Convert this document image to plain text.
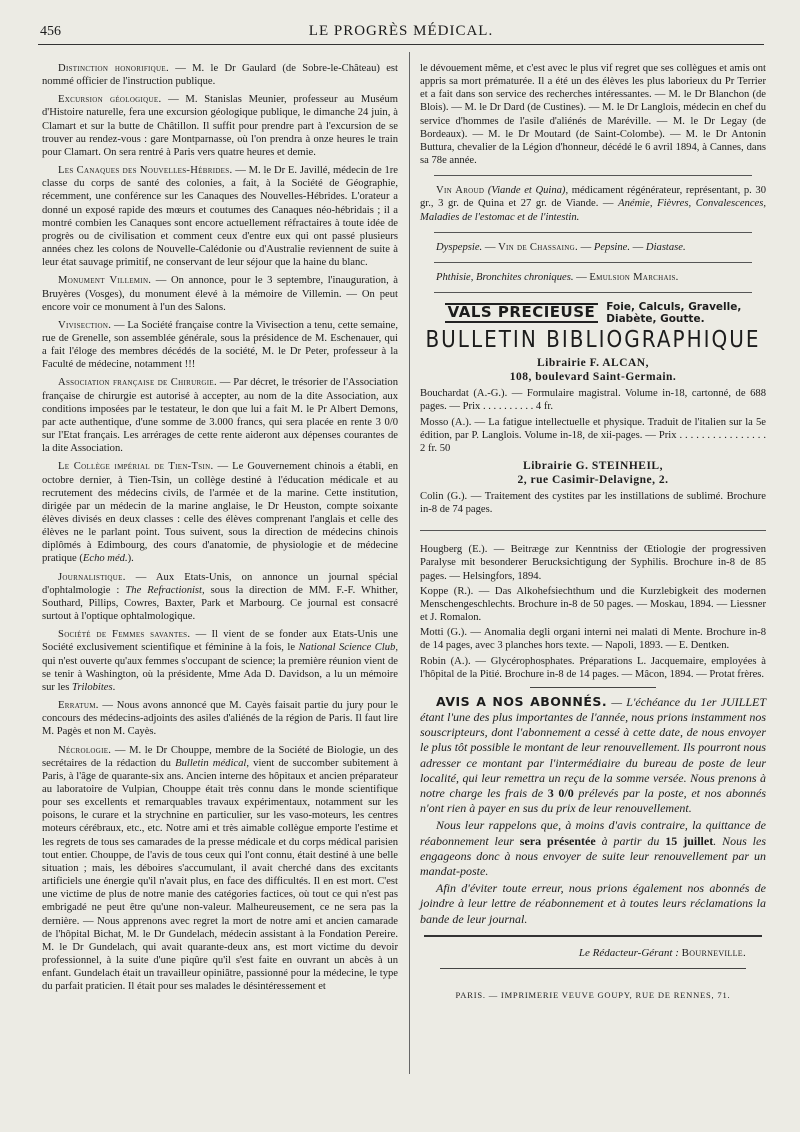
456	LE PROGRÈS MÉDICAL.

Distinction honorifique. — M. le Dr Gaulard (de Sobre-le-Château) est nommé officier de l'instruction publique.

Excursion géologique. — M. Stanislas Meunier, professeur au Muséum d'Histoire naturelle, fera une excursion géologique publique, le dimanche 24 juin, à Clamart et sur la butte de Châtillon. Il suffit pour prendre part à l'excursion de se trouver au rendez-vous : gare Montparnasse, où l'on prendra à onze heures le train pour Clamart. On sera rentré à Paris vers quatre heures et demie.

Les Canaques des Nouvelles-Hébrides. — M. le Dr E. Javillé, médecin de 1re classe du corps de santé des colonies, a fait, à la Société de Géographie, récemment, une conférence sur les Canaques des Nouvelles-Hébrides. L'orateur a donné un exposé rapide des mœurs et coutumes des Canaques néo-hébridais ; il a montré combien les Canaques sont encore actuellement réfractaires à toute idée de progrès ou de civilisation et comment ceux d'entre eux qui ont passé plusieurs années chez les colons de Nouvelle-Calédonie ou d'Australie reviennent de suite à leur état sauvage primitif, ne conservant de leur séjour que la haine du blanc.

Monument Villemin. — On annonce, pour le 3 septembre, l'inauguration, à Bruyères (Vosges), du monument élevé à la mémoire de Villemin. — On peut encore voir ce monument à l'un des Salons.

Vivisection. — La Société française contre la Vivisection a tenu, cette semaine, rue de Grenelle, son assemblée générale, sous la présidence de M. Eschenauer, qui a fait l'éloge des membres décédés de la société, M. le Dr Peter, professeur à la Faculté de médecine, notamment !!!

Association française de Chirurgie. — Par décret, le trésorier de l'Association française de chirurgie est autorisé à accepter, au nom de la dite Association, aux conditions imposées par le testateur, le don que lui a fait M. le Pr Albert Demons, par acte authentique, d'une somme de 3.000 francs, qui sera placée en rente 3 0/0 sur l'Etat français. Les arrérages de cette rente aideront aux dépenses courantes de la dite Association.

Le Collège impérial de Tien-Tsin. — Le Gouvernement chinois a établi, en octobre dernier, à Tien-Tsin, un collège destiné à l'éducation médicale et au recrutement des médecins civils, de l'armée et de la marine. Cette institution, dirigée par un médecin de la marine anglaise, le Dr Heuston, compte soixante élèves divisés en deux classes : celle des élèves comprenant l'anglais et celle des élèves ne le parlant point. Tous suivent, sous la direction de médecins chinois diplômés à Edimbourg, des cours d'anatomie, de physiologie et de médecine pratique (Echo méd.).

Journalistique. — Aux Etats-Unis, on annonce un journal spécial d'ophtalmologie : The Refractionist, sous la direction de MM. F.-F. Whither, Southard, Pillips, Cowres, Baxter, Park et Marbourg. Ce journal est consacré surtout à l'optique ophtalmologique.

Société de Femmes savantes. — Il vient de se fonder aux Etats-Unis une Société exclusivement scientifique et féminine à la fois, le National Science Club, qui n'est ouverte qu'aux femmes s'occupant de science; la première réunion vient de se tenir à Washington, où la présidente, Mme Ada D. Davidson, a lu un mémoire sur les Trilobites.

Erratum. — Nous avons annoncé que M. Cayès faisait partie du jury pour le concours des médecins-adjoints des asiles d'aliénés de la région de Paris. Il faut lire M. Pagès et non M. Cayès.

Nécrologie. — M. le Dr Chouppe, membre de la Société de Biologie, un des secrétaires de la rédaction du Bulletin médical, vient de succomber subitement à Paris, à l'âge de quarante-six ans. Ancien interne des hôpitaux et ancien préparateur au laboratoire de Vulpian, Chouppe était très connu dans le monde scientifique pour ses excellents et remarquables travaux expérimentaux, notamment sur les poisons, le curare et la strychnine en particulier, sur les vaso-moteurs, les centres moteurs cérébraux, etc., etc. Notre ami et très aimable collègue emporte l'estime et les regrets de tous ses camarades de la presse médicale et du corps médical parisien tout entier. Chouppe, de l'avis de tous ceux qui l'ont connu, était destiné à une belle situation ; mais, les déboires s'accumulant, il avait cherché dans des excitants artificiels une énergie qu'il n'avait plus, en face des difficultés. Il en est mort. C'est une victime de plus de notre manie des catégories factices, où tout ce qui n'est pas embrigadé ne peut être qu'une non-valeur. Malheureusement, ce ne sera pas la dernière. — Nous apprenons avec regret la mort de notre ami et ancien camarade de l'hôpital Bichat, M. le Dr Gundelach, médecin assistant à la Fondation Pereire. M. le Dr Gundelach, qui avait quarante-deux ans, est mort victime du devoir professionnel, à la suite d'une piqûre qu'il s'est faite en ouvrant un abcès à un enfant. Gundelach était un travailleur opiniâtre, passionné pour la médecine, le type du parfait praticien. Il était pour ses malades le désintéressement et

le dévouement même, et c'est avec le plus vif regret que ses collègues et amis ont appris sa mort prématurée. Il a été un des élèves les plus laborieux du Pr Terrier et a fait dans son service des recherches intéressantes. — M. le Dr Blanchon (de Blois). — M. le Dr Dard (de Custines). — M. le Dr Langlois, médecin en chef du service d'hommes de l'asile d'aliénés de Maréville. — M. le Dr Legay (de Bordeaux). — M. le Dr Moutard (de Saint-Colombe). — M. le Dr Antonin Buttura, chevalier de la Légion d'honneur, décédé le 6 avril 1894, à Cannes, dans sa 78e année.

Vin Aroud (Viande et Quina), médicament régénérateur, représentant, p. 30 gr., 3 gr. de Quina et 27 gr. de Viande. — Anémie, Fièvres, Convalescences, Maladies de l'estomac et de l'intestin.

Dyspepsie. — Vin de Chassaing. — Pepsine. — Diastase.

Phthisie, Bronchites chroniques. — Emulsion Marchais.

VALS PRÉCIEUSE Foie, Calculs, Gravelle,
Diabète, Goutte.
BULLETIN BIBLIOGRAPHIQUE
Librairie F. ALCAN,
108, boulevard Saint-Germain.

Bouchardat (A.-G.). — Formulaire magistral. Volume in-18, cartonné, de 688 pages. — Prix . . . . . . . . . . 4 fr.

Mosso (A.). — La fatigue intellectuelle et physique. Traduit de l'italien sur la 5e édition, par P. Langlois. Volume in-18, de xii-pages. — Prix . . . . . . . . . . . . . . . . 2 fr. 50

Librairie G. STEINHEIL,
2, rue Casimir-Delavigne, 2.

Colin (G.). — Traitement des cystites par les instillations de sublimé. Brochure in-8 de 74 pages.

Hougberg (E.). — Beitræge zur Kenntniss der Œtiologie der progressiven Paralyse mit besonderer Berucksichtigung der Syphilis. Brochure in-8 de 85 pages. — Helsingfors, 1894.

Koppe (R.). — Das Alkohefsiechthum und die Kurzlebigkeit des modernen Menschengeschlechts. Brochure in-8 de 50 pages. — Moskau, 1894. — Liessner et J. Romalon.

Motti (G.). — Anomalia degli organi interni nei malati di Mente. Brochure in-8 de 14 pages, avec 3 planches hors texte. — Napoli, 1893. — E. Dentken.

Robin (A.). — Glycérophosphates. Préparations L. Jacquemaire, employées à l'hôpital de la Pitié. Brochure in-8 de 14 pages. — Mâcon, 1894. — Protat frères.

AVIS A NOS ABONNÉS. — L'échéance du 1er JUILLET étant l'une des plus importantes de l'année, nous prions instamment nos souscripteurs, dont l'abonnement a cessé à cette date, de nous envoyer le plus tôt possible le montant de leur renouvellement. Ils pourront nous adresser ce montant par l'intermédiaire du bureau de poste de leur localité, qui leur remettra un reçu de la somme versée. Nous prenons à notre charge les frais de 3 0/0 prélevés par la poste, et nos abonnés n'ont rien à payer en sus du prix de leur renouvellement.

Nous leur rappelons que, à moins d'avis contraire, la quittance de réabonnement leur sera présentée à partir du 15 juillet. Nous les engageons donc à nous envoyer de suite leur renouvellement par un mandat-poste.

Afin d'éviter toute erreur, nous prions également nos abonnés de joindre à leur lettre de réabonnement et à toutes leurs réclamations la bande de leur journal.

Le Rédacteur-Gérant : Bourneville.
PARIS. — IMPRIMERIE VEUVE GOUPY, RUE DE RENNES, 71.
